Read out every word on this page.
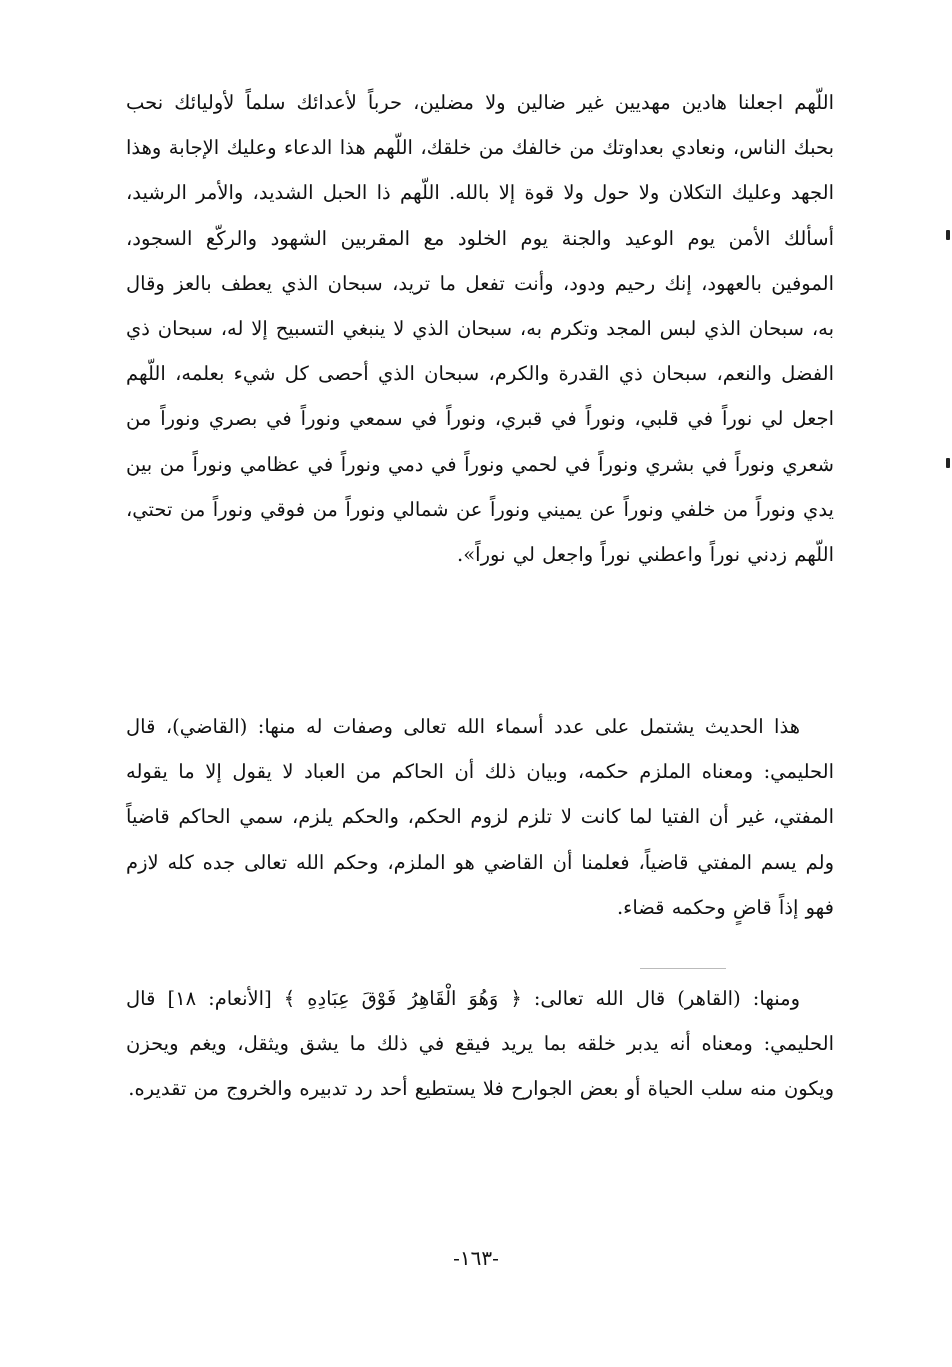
اللّهم اجعلنا هادين مهديين غير ضالين ولا مضلين، حرباً لأعدائك سلماً لأوليائك نحب بحبك الناس، ونعادي بعداوتك من خالفك من خلقك، اللّهم هذا الدعاء وعليك الإجابة وهذا الجهد وعليك التكلان ولا حول ولا قوة إلا بالله. اللّهم ذا الحبل الشديد، والأمر الرشيد، أسألك الأمن يوم الوعيد والجنة يوم الخلود مع المقربين الشهود والركّع السجود، الموفين بالعهود، إنك رحيم ودود، وأنت تفعل ما تريد، سبحان الذي يعطف بالعز وقال به، سبحان الذي لبس المجد وتكرم به، سبحان الذي لا ينبغي التسبيح إلا له، سبحان ذي الفضل والنعم، سبحان ذي القدرة والكرم، سبحان الذي أحصى كل شيء بعلمه، اللّهم اجعل لي نوراً في قلبي، ونوراً في قبري، ونوراً في سمعي ونوراً في بصري ونوراً من شعري ونوراً في بشري ونوراً في لحمي ونوراً في دمي ونوراً في عظامي ونوراً من بين يدي ونوراً من خلفي ونوراً عن يميني ونوراً عن شمالي ونوراً من فوقي ونوراً من تحتي، اللّهم زدني نوراً واعطني نوراً واجعل لي نوراً».

هذا الحديث يشتمل على عدد أسماء الله تعالى وصفات له منها: (القاضي)، قال الحليمي: ومعناه الملزم حكمه، وبيان ذلك أن الحاكم من العباد لا يقول إلا ما يقوله المفتي، غير أن الفتيا لما كانت لا تلزم لزوم الحكم، والحكم يلزم، سمي الحاكم قاضياً ولم يسم المفتي قاضياً، فعلمنا أن القاضي هو الملزم، وحكم الله تعالى جده كله لازم فهو إذاً قاضٍ وحكمه قضاء.

ومنها: (القاهر) قال الله تعالى: ﴿ وَهُوَ الْقَاهِرُ فَوْقَ عِبَادِهِ ﴾ [الأنعام: ١٨] قال الحليمي: ومعناه أنه يدبر خلقه بما يريد فيقع في ذلك ما يشق ويثقل، ويغم ويحزن ويكون منه سلب الحياة أو بعض الجوارح فلا يستطيع أحد رد تدبيره والخروج من تقديره.

-١٦٣-
